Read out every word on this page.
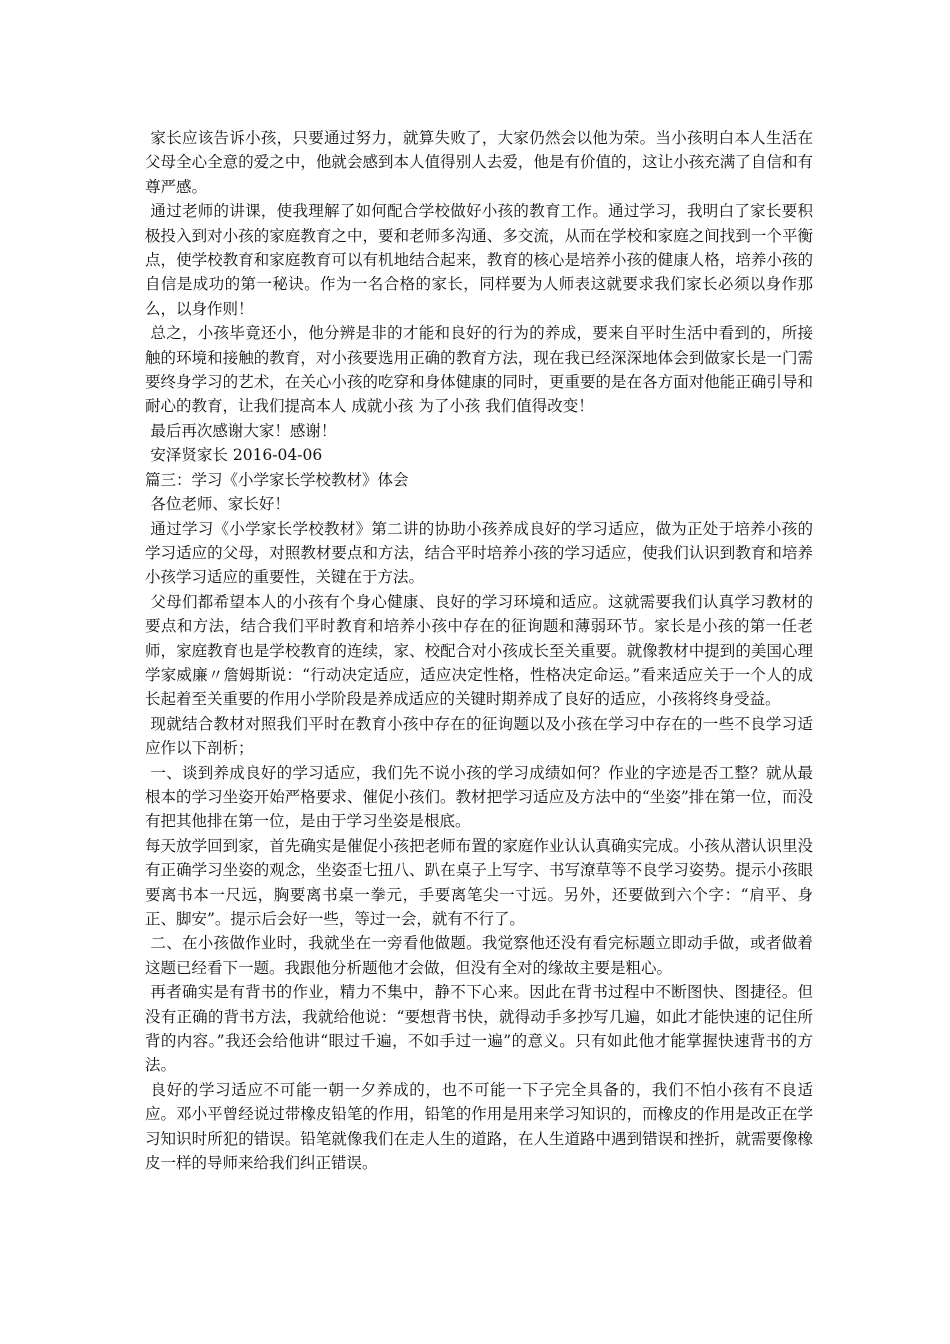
家长应该告诉小孩，只要通过努力，就算失败了，大家仍然会以他为荣。当小孩明白本人生活在父母全心全意的爱之中，他就会感到本人值得别人去爱，他是有价值的，这让小孩充满了自信和有尊严感。

通过老师的讲课，使我理解了如何配合学校做好小孩的教育工作。通过学习，我明白了家长要积极投入到对小孩的家庭教育之中，要和老师多沟通、多交流，从而在学校和家庭之间找到一个平衡点，使学校教育和家庭教育可以有机地结合起来，教育的核心是培养小孩的健康人格，培养小孩的自信是成功的第一秘诀。作为一名合格的家长，同样要为人师表这就要求我们家长必须以身作那么，以身作则！

总之，小孩毕竟还小，他分辨是非的才能和良好的行为的养成，要来自平时生活中看到的，所接触的环境和接触的教育，对小孩要选用正确的教育方法，现在我已经深深地体会到做家长是一门需要终身学习的艺术，在关心小孩的吃穿和身体健康的同时，更重要的是在各方面对他能正确引导和耐心的教育，让我们提高本人 成就小孩 为了小孩 我们值得改变！

最后再次感谢大家！感谢！

安泽贤家长 2016-04-06

篇三：学习《小学家长学校教材》体会

各位老师、家长好！

通过学习《小学家长学校教材》第二讲的协助小孩养成良好的学习适应，做为正处于培养小孩的学习适应的父母，对照教材要点和方法，结合平时培养小孩的学习适应，使我们认识到教育和培养小孩学习适应的重要性，关键在于方法。

父母们都希望本人的小孩有个身心健康、良好的学习环境和适应。这就需要我们认真学习教材的要点和方法，结合我们平时教育和培养小孩中存在的征询题和薄弱环节。家长是小孩的第一任老师，家庭教育也是学校教育的连续，家、校配合对小孩成长至关重要。就像教材中提到的美国心理学家威廉〃詹姆斯说：“行动决定适应，适应决定性格，性格决定命运。”看来适应关于一个人的成长起着至关重要的作用小学阶段是养成适应的关键时期养成了良好的适应，小孩将终身受益。

现就结合教材对照我们平时在教育小孩中存在的征询题以及小孩在学习中存在的一些不良学习适应作以下剖析；

一、谈到养成良好的学习适应，我们先不说小孩的学习成绩如何？作业的字迹是否工整？就从最根本的学习坐姿开始严格要求、催促小孩们。教材把学习适应及方法中的“坐姿”排在第一位，而没有把其他排在第一位，是由于学习坐姿是根底。

每天放学回到家，首先确实是催促小孩把老师布置的家庭作业认认真确实完成。小孩从潜认识里没有正确学习坐姿的观念，坐姿歪七扭八、趴在桌子上写字、书写潦草等不良学习姿势。提示小孩眼要离书本一尺远，胸要离书桌一拳元，手要离笔尖一寸远。另外，还要做到六个字：“肩平、身正、脚安”。提示后会好一些，等过一会，就有不行了。

二、在小孩做作业时，我就坐在一旁看他做题。我觉察他还没有看完标题立即动手做，或者做着这题已经看下一题。我跟他分析题他才会做，但没有全对的缘故主要是粗心。

再者确实是有背书的作业，精力不集中，静不下心来。因此在背书过程中不断图快、图捷径。但没有正确的背书方法，我就给他说：“要想背书快，就得动手多抄写几遍，如此才能快速的记住所背的内容。”我还会给他讲“眼过千遍，不如手过一遍”的意义。只有如此他才能掌握快速背书的方法。

良好的学习适应不可能一朝一夕养成的，也不可能一下子完全具备的，我们不怕小孩有不良适应。邓小平曾经说过带橡皮铅笔的作用，铅笔的作用是用来学习知识的，而橡皮的作用是改正在学习知识时所犯的错误。铅笔就像我们在走人生的道路，在人生道路中遇到错误和挫折，就需要像橡皮一样的导师来给我们纠正错误。
